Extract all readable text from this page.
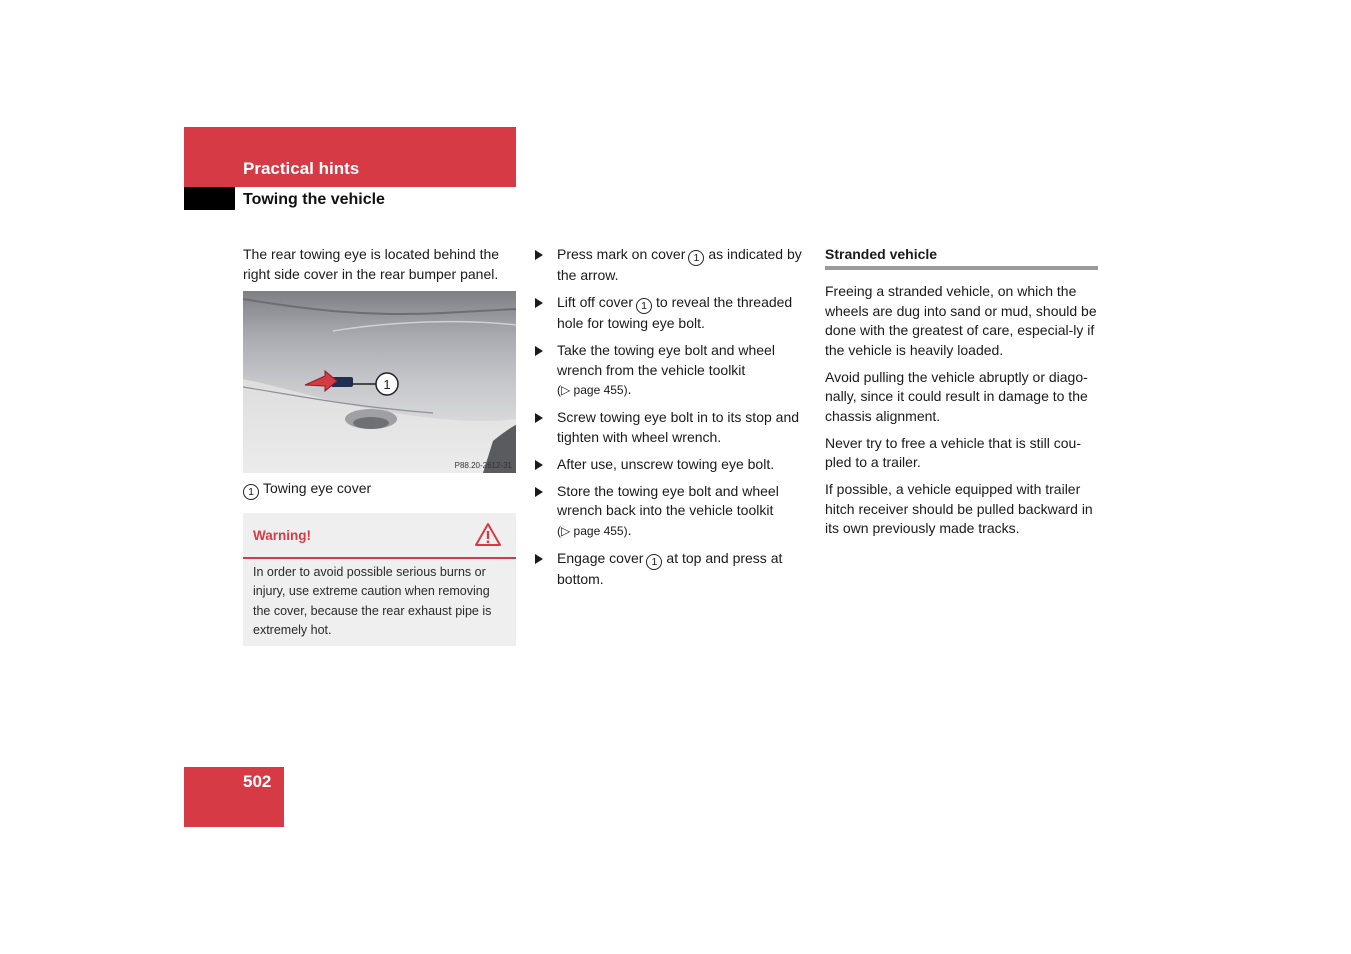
Practical hints
Towing the vehicle
The rear towing eye is located behind the right side cover in the rear bumper panel.
1
P88.20-2612-31
1 Towing eye cover
Warning!
In order to avoid possible serious burns or injury, use extreme caution when removing the cover, because the rear exhaust pipe is extremely hot.
Press mark on cover 1 as indicated by the arrow.
Lift off cover 1 to reveal the threaded hole for towing eye bolt.
Take the towing eye bolt and wheel wrench from the vehicle toolkit
(▷ page 455).
Screw towing eye bolt in to its stop and tighten with wheel wrench.
After use, unscrew towing eye bolt.
Store the towing eye bolt and wheel wrench back into the vehicle toolkit
(▷ page 455).
Engage cover 1 at top and press at bottom.
Stranded vehicle

Freeing a stranded vehicle, on which the wheels are dug into sand or mud, should be done with the greatest of care, especial-ly if the vehicle is heavily loaded.

Avoid pulling the vehicle abruptly or diago-nally, since it could result in damage to the chassis alignment.

Never try to free a vehicle that is still cou-pled to a trailer.

If possible, a vehicle equipped with trailer hitch receiver should be pulled backward in its own previously made tracks.

502
